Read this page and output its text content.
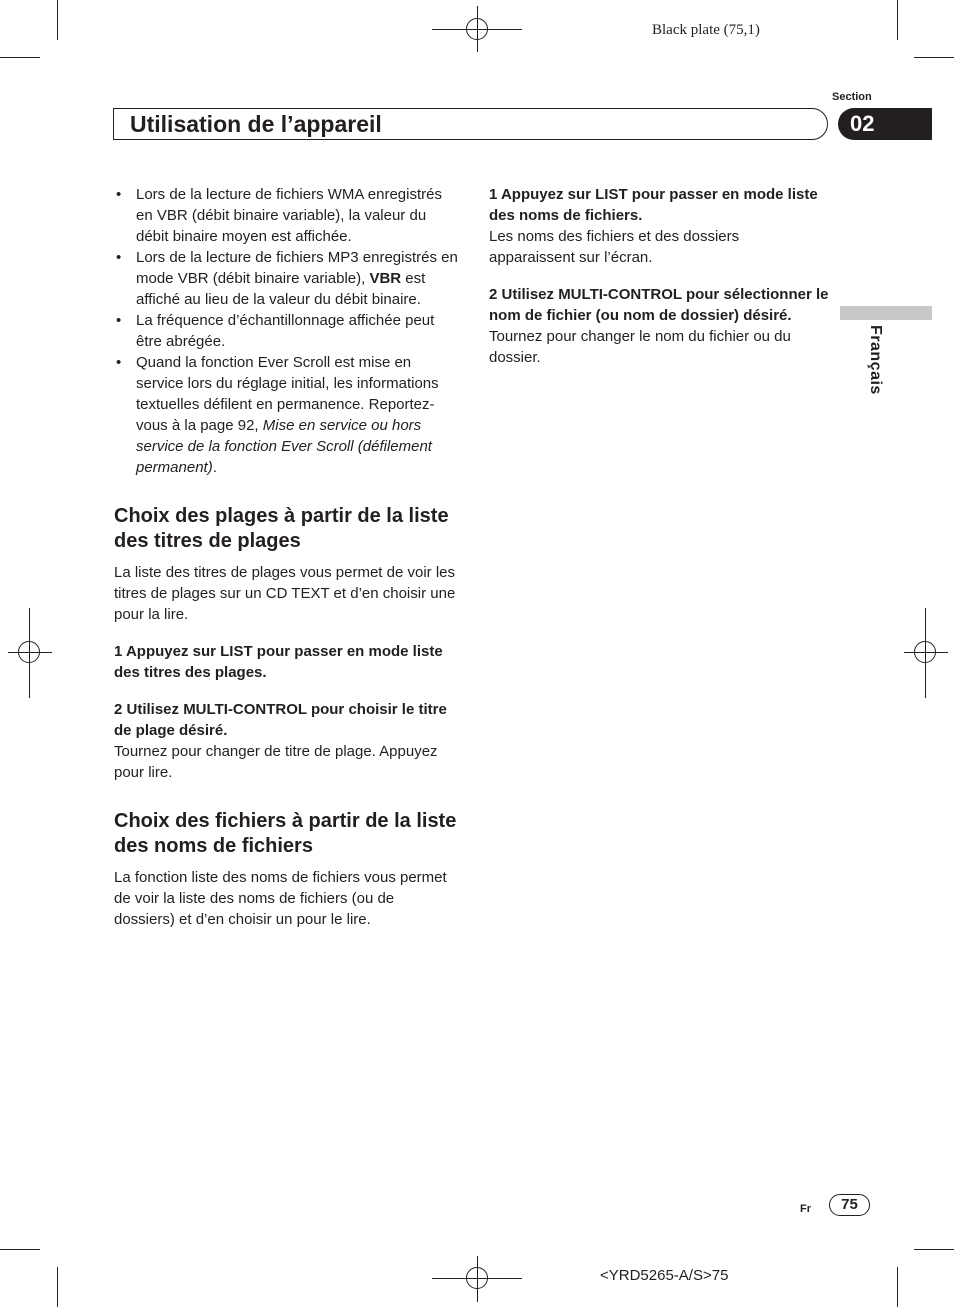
Black plate (75,1)
Section
Utilisation de l’appareil	02
Français

• Lors de la lecture de fichiers WMA enregistrés en VBR (débit binaire variable), la valeur du débit binaire moyen est affichée.

• Lors de la lecture de fichiers MP3 enregistrés en mode VBR (débit binaire variable), VBR est affiché au lieu de la valeur du débit binaire.

• La fréquence d’échantillonnage affichée peut être abrégée.

• Quand la fonction Ever Scroll est mise en service lors du réglage initial, les informations textuelles défilent en permanence. Reportez-vous à la page 92, Mise en service ou hors service de la fonction Ever Scroll (défilement permanent).

Choix des plages à partir de la liste des titres de plages

La liste des titres de plages vous permet de voir les titres de plages sur un CD TEXT et d’en choisir une pour la lire.

1 Appuyez sur LIST pour passer en mode liste des titres des plages.

2 Utilisez MULTI-CONTROL pour choisir le titre de plage désiré.

Tournez pour changer de titre de plage. Appuyez pour lire.

Choix des fichiers à partir de la liste des noms de fichiers

La fonction liste des noms de fichiers vous permet de voir la liste des noms de fichiers (ou de dossiers) et d’en choisir un pour le lire.

1 Appuyez sur LIST pour passer en mode liste des noms de fichiers.

Les noms des fichiers et des dossiers apparaissent sur l’écran.

2 Utilisez MULTI-CONTROL pour sélectionner le nom de fichier (ou nom de dossier) désiré.

Tournez pour changer le nom du fichier ou du dossier.

Fr	75
<YRD5265-A/S>75
